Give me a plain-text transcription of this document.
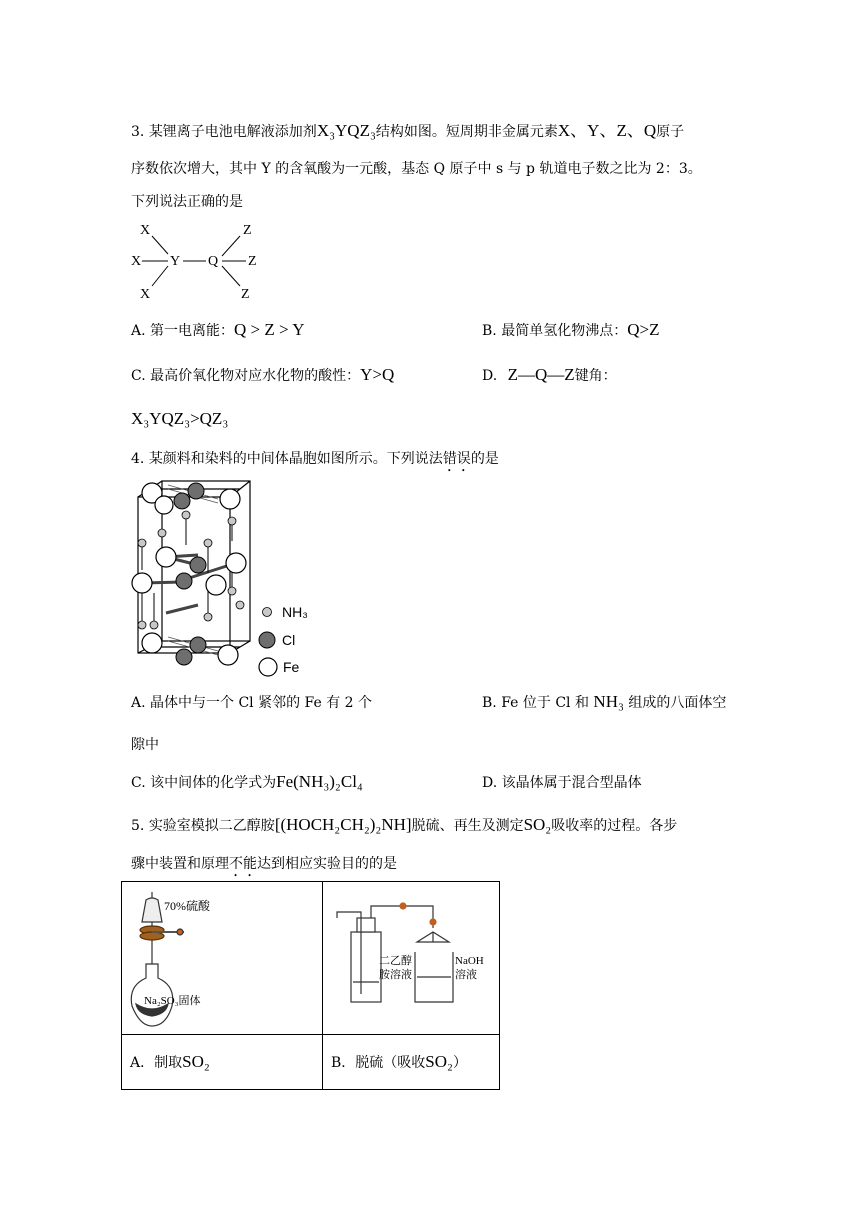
3. 某锂离子电池电解液添加剂X₃YQZ₃结构如图。短周期非金属元素X、Y、Z、Q原子
序数依次增大，其中 Y 的含氧酸为一元酸，基态 Q 原子中 s 与 p 轨道电子数之比为 2：3。
下列说法正确的是
X
X
X
Y Q
Z
Z
Z
A. 第一电离能：Q > Z > Y	B. 最简单氢化物沸点：Q>Z
C. 最高价氧化物对应水化物的酸性：Y>Q	D. Z—Q—Z键角：
X₃YQZ₃>QZ₃
4. 某颜料和染料的中间体晶胞如图所示。下列说法错误的是
NH₃
Cl
Fe
A. 晶体中与一个 Cl 紧邻的 Fe 有 2 个	B. Fe 位于 Cl 和 NH₃ 组成的八面体空
隙中
C. 该中间体的化学式为Fe(NH₃)₂Cl₄	D. 该晶体属于混合型晶体
5. 实验室模拟二乙醇胺[(HOCH₂CH₂)₂NH]脱硫、再生及测定SO₂吸收率的过程。各步
骤中装置和原理不能达到相应实验目的的是
70%硫酸
Na₂SO₃固体	二乙醇
胺溶液
NaOH
溶液

A．制取SO₂	B．脱硫（吸收SO₂）
